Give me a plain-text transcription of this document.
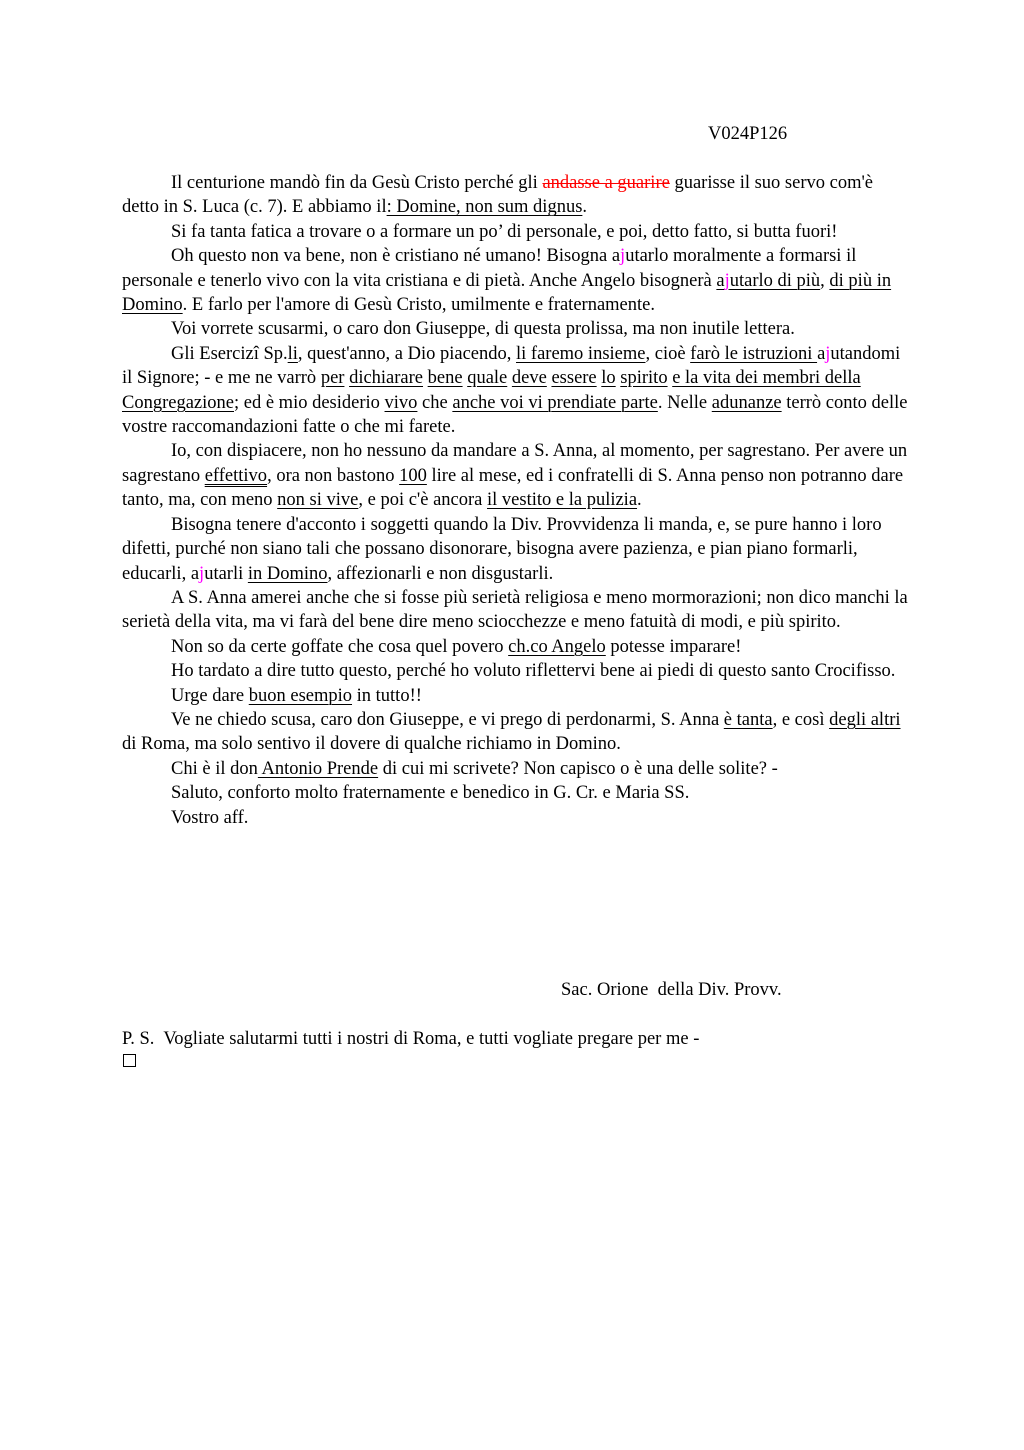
V024P126

Il centurione mandò fin da Gesù Cristo perché gli andasse a guarire guarisse il suo servo com'è detto in S. Luca (c. 7). E abbiamo il: Domine, non sum dignus.

Si fa tanta fatica a trovare o a formare un po’ di personale, e poi, detto fatto, si butta fuori!

Oh questo non va bene, non è cristiano né umano! Bisogna ajutarlo moralmente a formarsi il personale e tenerlo vivo con la vita cristiana e di pietà. Anche Angelo bisognerà ajutarlo di più, di più in Domino. E farlo per l'amore di Gesù Cristo, umilmente e fraternamente.

Voi vorrete scusarmi, o caro don Giuseppe, di questa prolissa, ma non inutile lettera.

Gli Esercizi Sp.li, quest'anno, a Dio piacendo, li faremo insieme, cioè farò le istruzioni ajutandomi il Signore; - e me ne varrò per dichiarare bene quale deve essere lo spirito e la vita dei membri della Congregazione; ed è mio desiderio vivo che anche voi vi prendiate parte. Nelle adunanze terrò conto delle vostre raccomandazioni fatte o che mi farete.

Io, con dispiacere, non ho nessuno da mandare a S. Anna, al momento, per sagrestano. Per avere un sagrestano effettivo, ora non bastono 100 lire al mese, ed i confratelli di S. Anna penso non potranno dare tanto, ma, con meno non si vive, e poi c'è ancora il vestito e la pulizia.

Bisogna tenere d'acconto i soggetti quando la Div. Provvidenza li manda, e, se pure hanno i loro difetti, purché non siano tali che possano disonorare, bisogna avere pazienza, e pian piano formarli, educarli, ajutarli in Domino, affezionarli e non disgustarli.

A S. Anna amerei anche che si fosse più serietà religiosa e meno mormorazioni; non dico manchi la serietà della vita, ma vi farà del bene dire meno sciocchezze e meno fatuità di modi, e più spirito.

Non so da certe goffate che cosa quel povero ch.co Angelo potesse imparare!

Ho tardato a dire tutto questo, perché ho voluto riflettervi bene ai piedi di questo santo Crocifisso.

Urge dare buon esempio in tutto!!

Ve ne chiedo scusa, caro don Giuseppe, e vi prego di perdonarmi, S. Anna è tanta, e così degli altri di Roma, ma solo sentivo il dovere di qualche richiamo in Domino.

Chi è il don Antonio Prende di cui mi scrivete? Non capisco o è una delle solite? -

Saluto, conforto molto fraternamente e benedico in G. Cr. e Maria SS.

Vostro aff.

Sac. Orione  della Div. Provv.

P. S.  Vogliate salutarmi tutti i nostri di Roma, e tutti vogliate pregare per me -
